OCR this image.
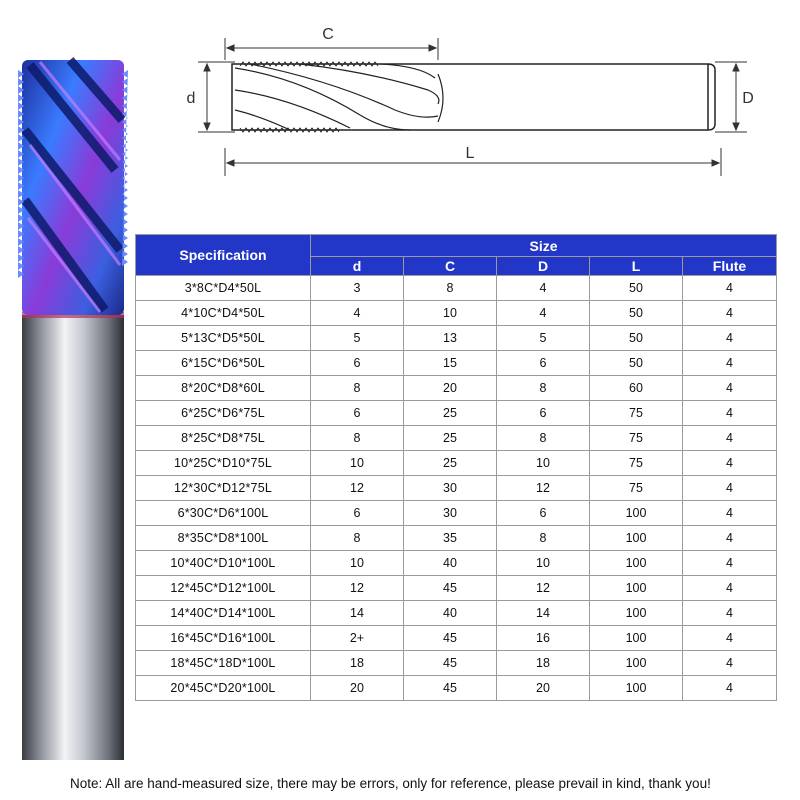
C
d	D
L
Specification	Size				
	d	C	D	L	Flute
3*8C*D4*50L	3	8	4	50	4
4*10C*D4*50L	4	10	4	50	4
5*13C*D5*50L	5	13	5	50	4
6*15C*D6*50L	6	15	6	50	4
8*20C*D8*60L	8	20	8	60	4
6*25C*D6*75L	6	25	6	75	4
8*25C*D8*75L	8	25	8	75	4
10*25C*D10*75L	10	25	10	75	4
12*30C*D12*75L	12	30	12	75	4
6*30C*D6*100L	6	30	6	100	4
8*35C*D8*100L	8	35	8	100	4
10*40C*D10*100L	10	40	10	100	4
12*45C*D12*100L	12	45	12	100	4
14*40C*D14*100L	14	40	14	100	4
16*45C*D16*100L	2+	45	16	100	4
18*45C*18D*100L	18	45	18	100	4
20*45C*D20*100L	20	45	20	100	4
Note: All are hand-measured size, there may be errors, only for reference, please prevail in kind, thank you!
